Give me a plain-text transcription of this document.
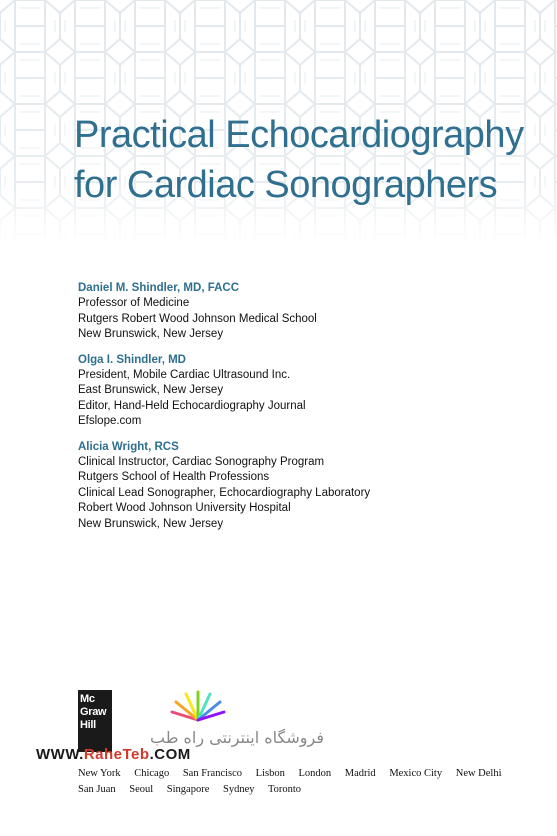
Practical Echocardiography
for Cardiac Sonographers
Daniel M. Shindler, MD, FACC
Professor of Medicine
Rutgers Robert Wood Johnson Medical School
New Brunswick, New Jersey
Olga I. Shindler, MD
President, Mobile Cardiac Ultrasound Inc.
East Brunswick, New Jersey
Editor, Hand-Held Echocardiography Journal
Efslope.com
Alicia Wright, RCS
Clinical Instructor, Cardiac Sonography Program
Rutgers School of Health Professions
Clinical Lead Sonographer, Echocardiography Laboratory
Robert Wood Johnson University Hospital
New Brunswick, New Jersey
Mc
Graw
Hill
فروشگاه اینترنتی راه طب
WWW.RaheTeb.COM
New York Chicago San Francisco Lisbon London Madrid Mexico City New Delhi
San Juan Seoul Singapore Sydney Toronto
